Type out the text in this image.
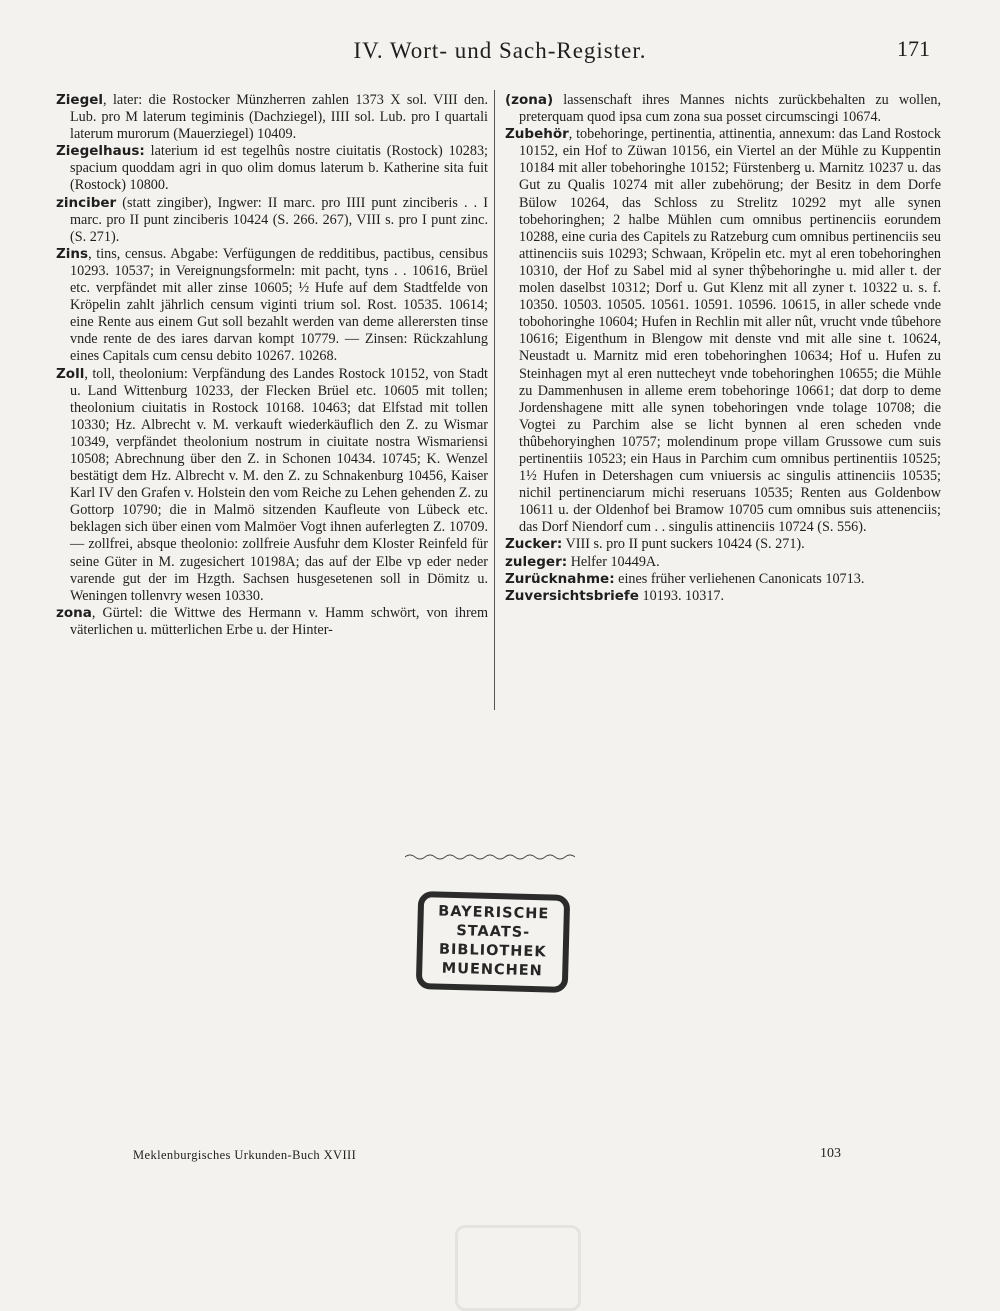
IV. Wort- und Sach-Register.	171
Ziegel, later: die Rostocker Münzherren zahlen 1373 X sol. VIII den. Lub. pro M laterum tegiminis (Dachziegel), IIII sol. Lub. pro I quartali laterum murorum (Mauerziegel) 10409.
Ziegelhaus: laterium id est tegelhûs nostre ciuitatis (Rostock) 10283; spacium quoddam agri in quo olim domus laterum b. Katherine sita fuit (Rostock) 10800.
zinciber (statt zingiber), Ingwer: II marc. pro IIII punt zinciberis . . I marc. pro II punt zinciberis 10424 (S. 266. 267), VIII s. pro I punt zinc. (S. 271).
Zins, tins, census. Abgabe: Verfügungen de redditibus, pactibus, censibus 10293. 10537; in Vereignungsformeln: mit pacht, tyns . . 10616, Brüel etc. verpfändet mit aller zinse 10605; ½ Hufe auf dem Stadtfelde von Kröpelin zahlt jährlich censum viginti trium sol. Rost. 10535. 10614; eine Rente aus einem Gut soll bezahlt werden van deme allerersten tinse vnde rente de des iares darvan kompt 10779. — Zinsen: Rückzahlung eines Capitals cum censu debito 10267. 10268.
Zoll, toll, theolonium: Verpfändung des Landes Rostock 10152, von Stadt u. Land Wittenburg 10233, der Flecken Brüel etc. 10605 mit tollen; theolonium ciuitatis in Rostock 10168. 10463; dat Elfstad mit tollen 10330; Hz. Albrecht v. M. verkauft wiederkäuflich den Z. zu Wismar 10349, verpfändet theolonium nostrum in ciuitate nostra Wismariensi 10508; Abrechnung über den Z. in Schonen 10434. 10745; K. Wenzel bestätigt dem Hz. Albrecht v. M. den Z. zu Schnakenburg 10456, Kaiser Karl IV den Grafen v. Holstein den vom Reiche zu Lehen gehenden Z. zu Gottorp 10790; die in Malmö sitzenden Kaufleute von Lübeck etc. beklagen sich über einen vom Malmöer Vogt ihnen auferlegten Z. 10709. — zollfrei, absque theolonio: zollfreie Ausfuhr dem Kloster Reinfeld für seine Güter in M. zugesichert 10198A; das auf der Elbe vp eder neder varende gut der im Hzgth. Sachsen husgesetenen soll in Dömitz u. Weningen tollenvry wesen 10330.
zona, Gürtel: die Wittwe des Hermann v. Hamm schwört, von ihrem väterlichen u. mütterlichen Erbe u. der Hinter-
(zona) lassenschaft ihres Mannes nichts zurückbehalten zu wollen, preterquam quod ipsa cum zona sua posset circumscingi 10674.
Zubehör, tobehoringe, pertinentia, attinentia, annexum: das Land Rostock 10152, ein Hof to Züwan 10156, ein Viertel an der Mühle zu Kuppentin 10184 mit aller tobehoringhe 10152; Fürstenberg u. Marnitz 10237 u. das Gut zu Qualis 10274 mit aller zubehörung; der Besitz in dem Dorfe Bülow 10264, das Schloss zu Strelitz 10292 myt alle synen tobehoringhen; 2 halbe Mühlen cum omnibus pertinenciis eorundem 10288, eine curia des Capitels zu Ratzeburg cum omnibus pertinenciis seu attinenciis suis 10293; Schwaan, Kröpelin etc. myt al eren tobehoringhen 10310, der Hof zu Sabel mid al syner thŷbehoringhe u. mid aller t. der molen daselbst 10312; Dorf u. Gut Klenz mit all zyner t. 10322 u. s. f. 10350. 10503. 10505. 10561. 10591. 10596. 10615, in aller schede vnde tobohoringhe 10604; Hufen in Rechlin mit aller nût, vrucht vnde tûbehore 10616; Eigenthum in Blengow mit denste vnd mit alle sine t. 10624, Neustadt u. Marnitz mid eren tobehoringhen 10634; Hof u. Hufen zu Steinhagen myt al eren nuttecheyt vnde tobehoringhen 10655; die Mühle zu Dammenhusen in alleme erem tobehoringe 10661; dat dorp to deme Jordenshagene mitt alle synen tobehoringen vnde tolage 10708; die Vogtei zu Parchim alse se licht bynnen al eren scheden vnde thûbehoryinghen 10757; molendinum prope villam Grussowe cum suis pertinentiis 10523; ein Haus in Parchim cum omnibus pertinentiis 10525; 1½ Hufen in Detershagen cum vniuersis ac singulis attinenciis 10535; nichil pertinenciarum michi reseruans 10535; Renten aus Goldenbow 10611 u. der Oldenhof bei Bramow 10705 cum omnibus suis attenenciis; das Dorf Niendorf cum . . singulis attinenciis 10724 (S. 556).
Zucker: VIII s. pro II punt suckers 10424 (S. 271).
zuleger: Helfer 10449A.
Zurücknahme: eines früher verliehenen Canonicats 10713.
Zuversichtsbriefe 10193. 10317.
BAYERISCHE
STAATS-
BIBLIOTHEK
MUENCHEN
Meklenburgisches Urkunden-Buch XVIII	103
